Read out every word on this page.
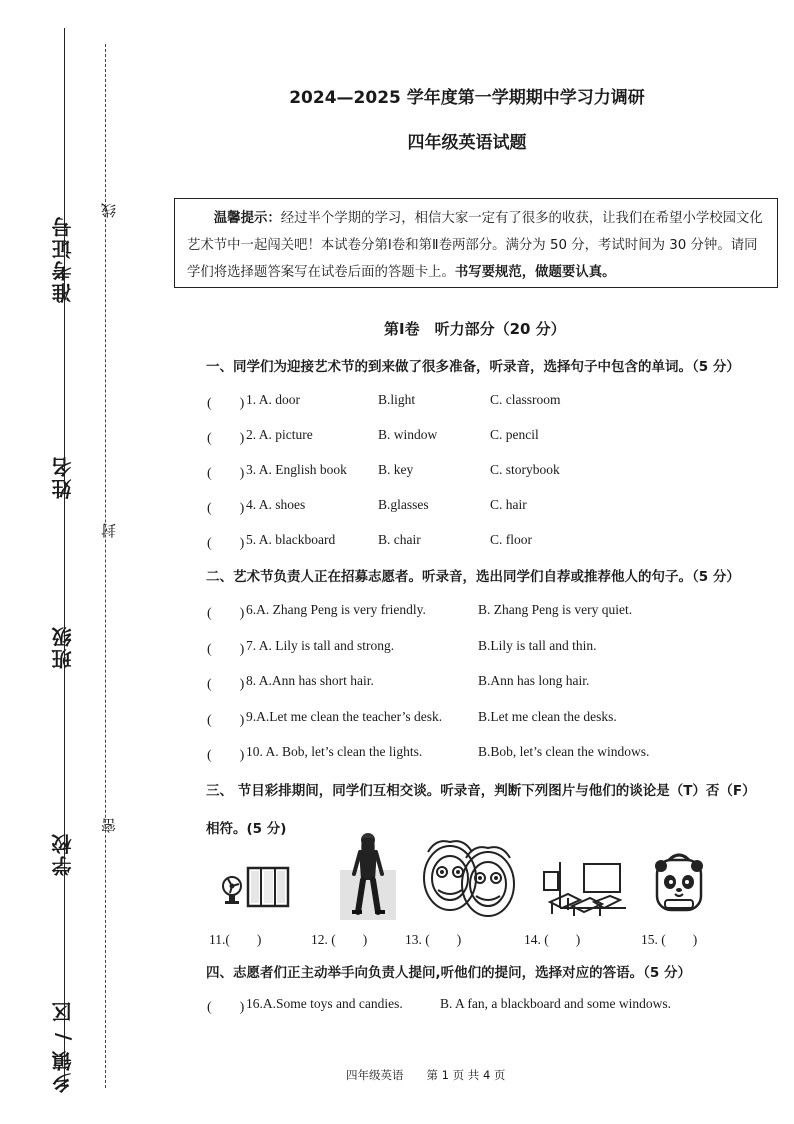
准考证号
姓名
班级
学校
乡镇 / 区
线
封
密
2024—2025 学年度第一学期期中学习力调研
四年级英语试题
温馨提示：经过半个学期的学习，相信大家一定有了很多的收获，让我们在希望小学校园文化艺术节中一起闯关吧！本试卷分第Ⅰ卷和第Ⅱ卷两部分。满分为 50 分，考试时间为 30 分钟。请同学们将选择题答案写在试卷后面的答题卡上。书写要规范，做题要认真。
第Ⅰ卷　听力部分（20 分）
一、同学们为迎接艺术节的到来做了很多准备，听录音，选择句子中包含的单词。（5 分）
(　　) 1. A. door	B.light	C. classroom
(　　) 2. A. picture	B. window	C. pencil
(　　) 3. A. English book B. key	C. storybook
(　　) 4. A. shoes	B.glasses	C. hair
(　　) 5. A. blackboard	B. chair	C. floor
二、艺术节负责人正在招募志愿者。听录音，选出同学们自荐或推荐他人的句子。（5 分）
(　　) 6.A. Zhang Peng is very friendly.	B. Zhang Peng is very quiet.
(　　) 7. A. Lily is tall and strong.	B.Lily is tall and thin.
(　　) 8. A.Ann has short hair.	B.Ann has long hair.
(　　) 9.A.Let me clean the teacher’s desk.	B.Let me clean the desks.
(　　) 10. A. Bob, let’s clean the lights.	B.Bob, let’s clean the windows.
三、 节目彩排期间，同学们互相交谈。听录音，判断下列图片与他们的谈论是（T）否（F）
相符。(5 分)
11.(　　)	12. (　　)	13. (　　)	14. (　　)	15. (　　)
四、志愿者们正主动举手向负责人提问,听他们的提问，选择对应的答语。（5 分）
(　　) 16.A.Some toys and candies.	B. A fan, a blackboard and some windows.
四年级英语　　第 1 页 共 4 页
